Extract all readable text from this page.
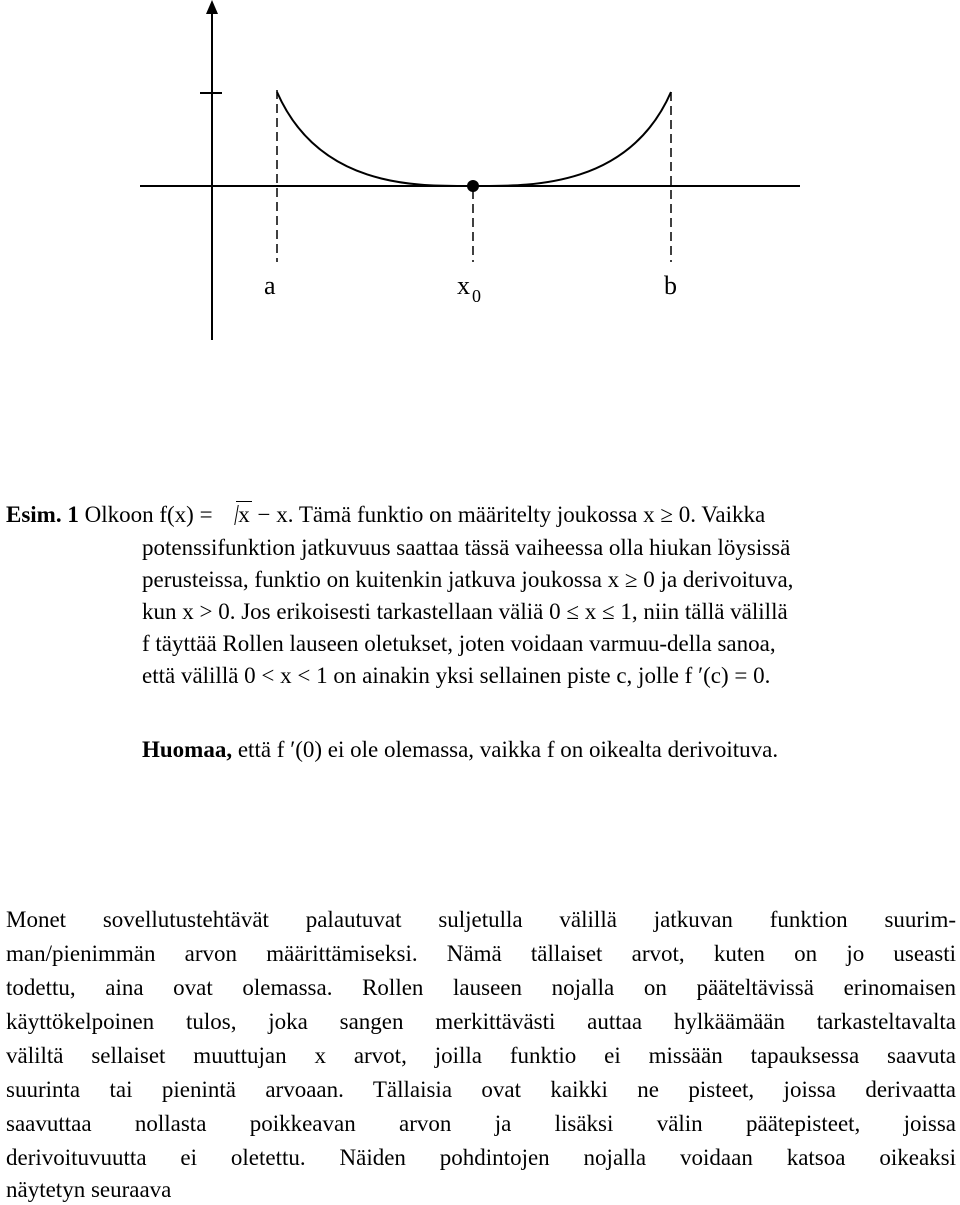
a	x $_0$	b
Esim. 1 Olkoon f(x) = x − x. Tämä funktio on määritelty joukossa x ≥ 0. Vaikka
potenssifunktion jatkuvuus saattaa tässä vaiheessa olla hiukan löysissä
perusteissa, funktio on kuitenkin jatkuva joukossa x ≥ 0 ja derivoituva,
kun x > 0. Jos erikoisesti tarkastellaan väliä 0 ≤ x ≤ 1, niin tällä välillä
f täyttää Rollen lauseen oletukset, joten voidaan varmuu-della sanoa,
että välillä 0 < x < 1 on ainakin yksi sellainen piste c, jolle f ′(c) = 0.
Huomaa, että f ′(0) ei ole olemassa, vaikka f on oikealta derivoituva.
Monet sovellutustehtävät palautuvat suljetulla välillä jatkuvan funktion suurim-
man/pienimmän arvon määrittämiseksi. Nämä tällaiset arvot, kuten on jo useasti
todettu, aina ovat olemassa. Rollen lauseen nojalla on pääteltävissä erinomaisen
käyttökelpoinen tulos, joka sangen merkittävästi auttaa hylkäämään tarkasteltavalta
väliltä sellaiset muuttujan x arvot, joilla funktio ei missään tapauksessa saavuta
suurinta tai pienintä arvoaan. Tällaisia ovat kaikki ne pisteet, joissa derivaatta
saavuttaa nollasta poikkeavan arvon ja lisäksi välin päätepisteet, joissa
derivoituvuutta ei oletettu. Näiden pohdintojen nojalla voidaan katsoa oikeaksi
näytetyn seuraava
